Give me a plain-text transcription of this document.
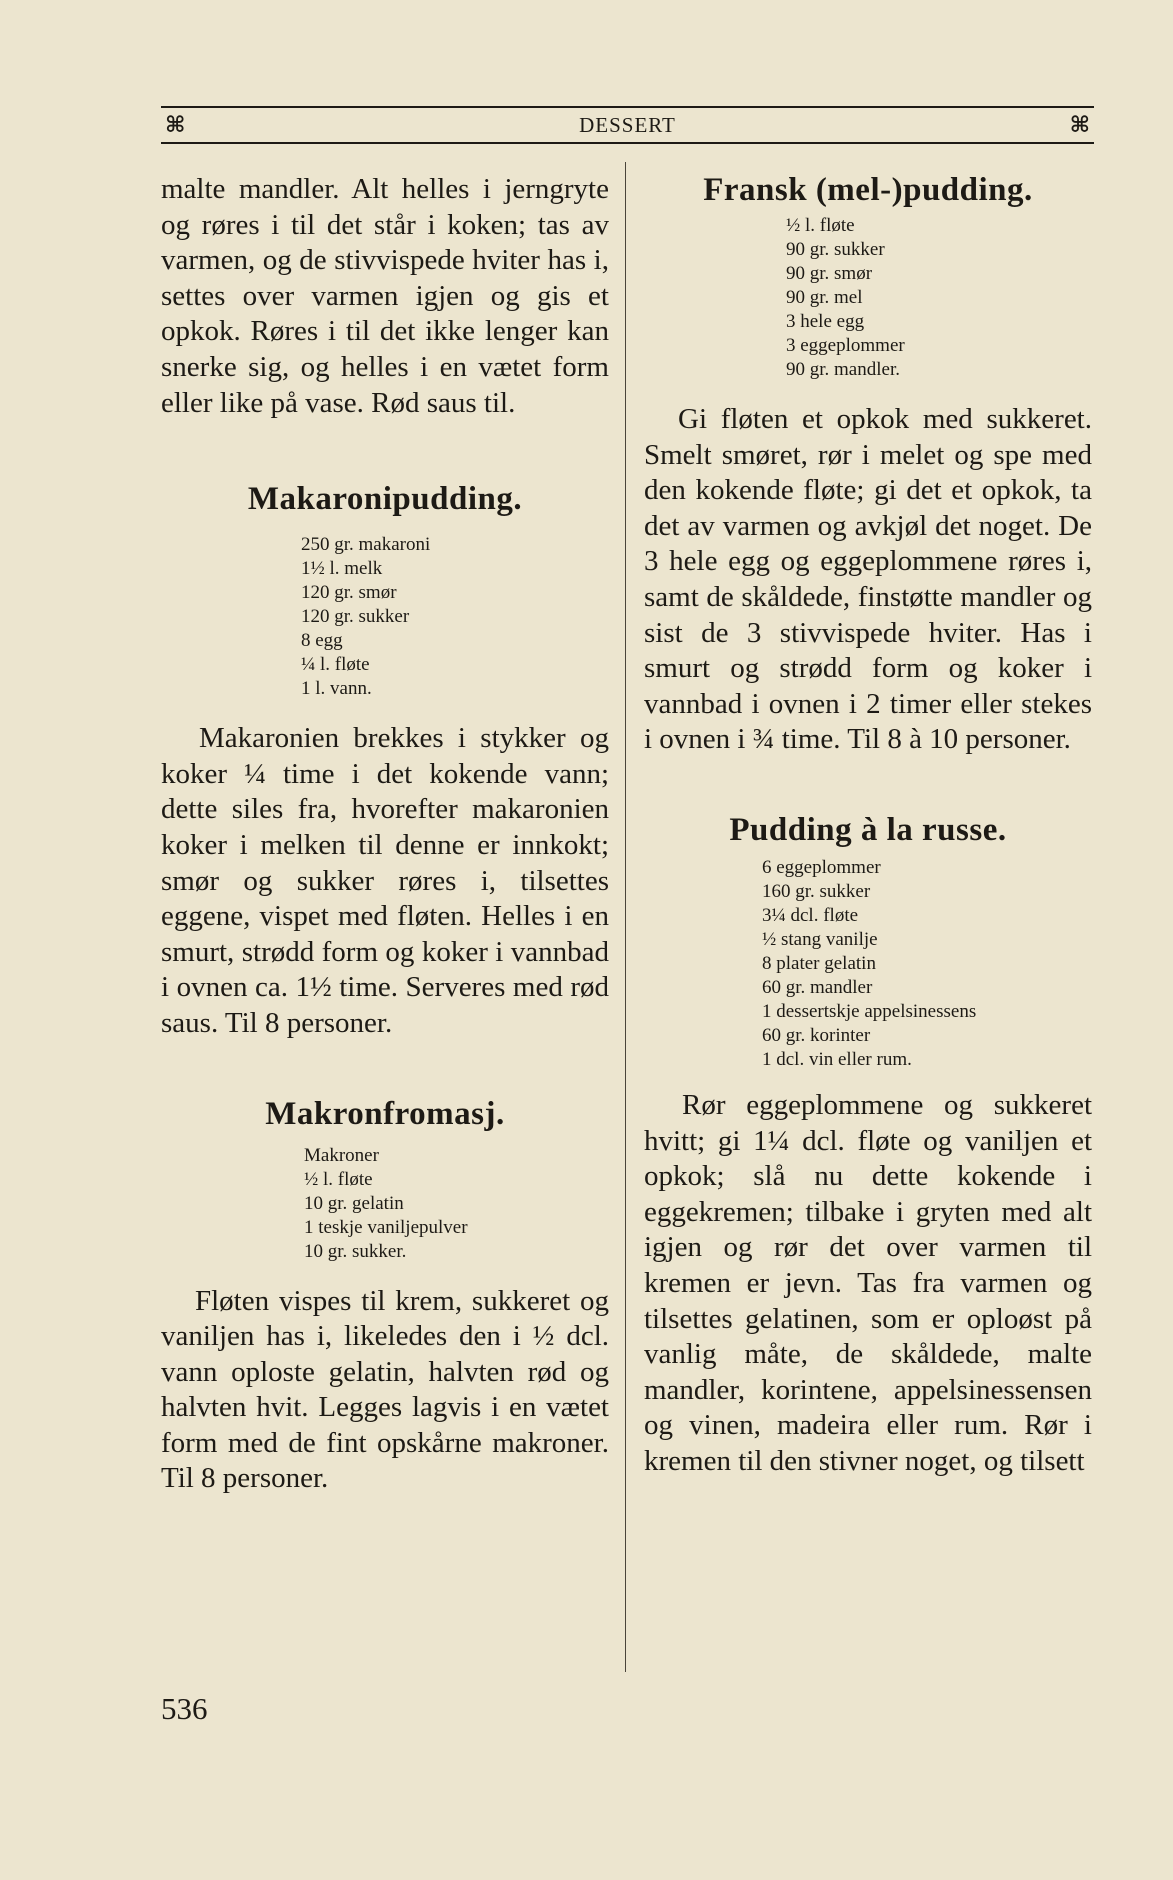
⌘	DESSERT	⌘

malte mandler. Alt helles i jerngryte og røres i til det står i koken; tas av varmen, og de stivvispede hviter has i, settes over varmen igjen og gis et opkok. Røres i til det ikke lenger kan snerke sig, og helles i en vætet form eller like på vase. Rød saus til.

Makaronipudding.
250 gr. makaroni
1½ l. melk
120 gr. smør
120 gr. sukker
8 egg
¼ l. fløte
1 l. vann.

Makaronien brekkes i stykker og koker ¼ time i det kokende vann; dette siles fra, hvorefter makaronien koker i melken til denne er innkokt; smør og sukker røres i, tilsettes eggene, vispet med fløten. Helles i en smurt, strødd form og koker i vannbad i ovnen ca. 1½ time. Serveres med rød saus. Til 8 personer.

Makronfromasj.
Makroner
½ l. fløte
10 gr. gelatin
1 teskje vaniljepulver
10 gr. sukker.

Fløten vispes til krem, sukkeret og vaniljen has i, likeledes den i ½ dcl. vann oploste gelatin, halvten rød og halvten hvit. Legges lagvis i en vætet form med de fint opskårne makroner. Til 8 personer.

Fransk (mel-)pudding.
½ l. fløte
90 gr. sukker
90 gr. smør
90 gr. mel
3 hele egg
3 eggeplommer
90 gr. mandler.

Gi fløten et opkok med sukkeret. Smelt smøret, rør i melet og spe med den kokende fløte; gi det et opkok, ta det av varmen og avkjøl det noget. De 3 hele egg og eggeplommene røres i, samt de skåldede, finstøtte mandler og sist de 3 stivvispede hviter. Has i smurt og strødd form og koker i vannbad i ovnen i 2 timer eller stekes i ovnen i ¾ time. Til 8 à 10 personer.

Pudding à la russe.
6 eggeplommer
160 gr. sukker
3¼ dcl. fløte
½ stang vanilje
8 plater gelatin
60 gr. mandler
1 dessertskje appelsinessens
60 gr. korinter
1 dcl. vin eller rum.

Rør eggeplommene og sukkeret hvitt; gi 1¼ dcl. fløte og vaniljen et opkok; slå nu dette kokende i eggekremen; tilbake i gryten med alt igjen og rør det over varmen til kremen er jevn. Tas fra varmen og tilsettes gelatinen, som er oploøst på vanlig måte, de skåldede, malte mandler, korintene, appelsinessensen og vinen, madeira eller rum. Rør i kremen til den stivner noget, og tilsett

536
